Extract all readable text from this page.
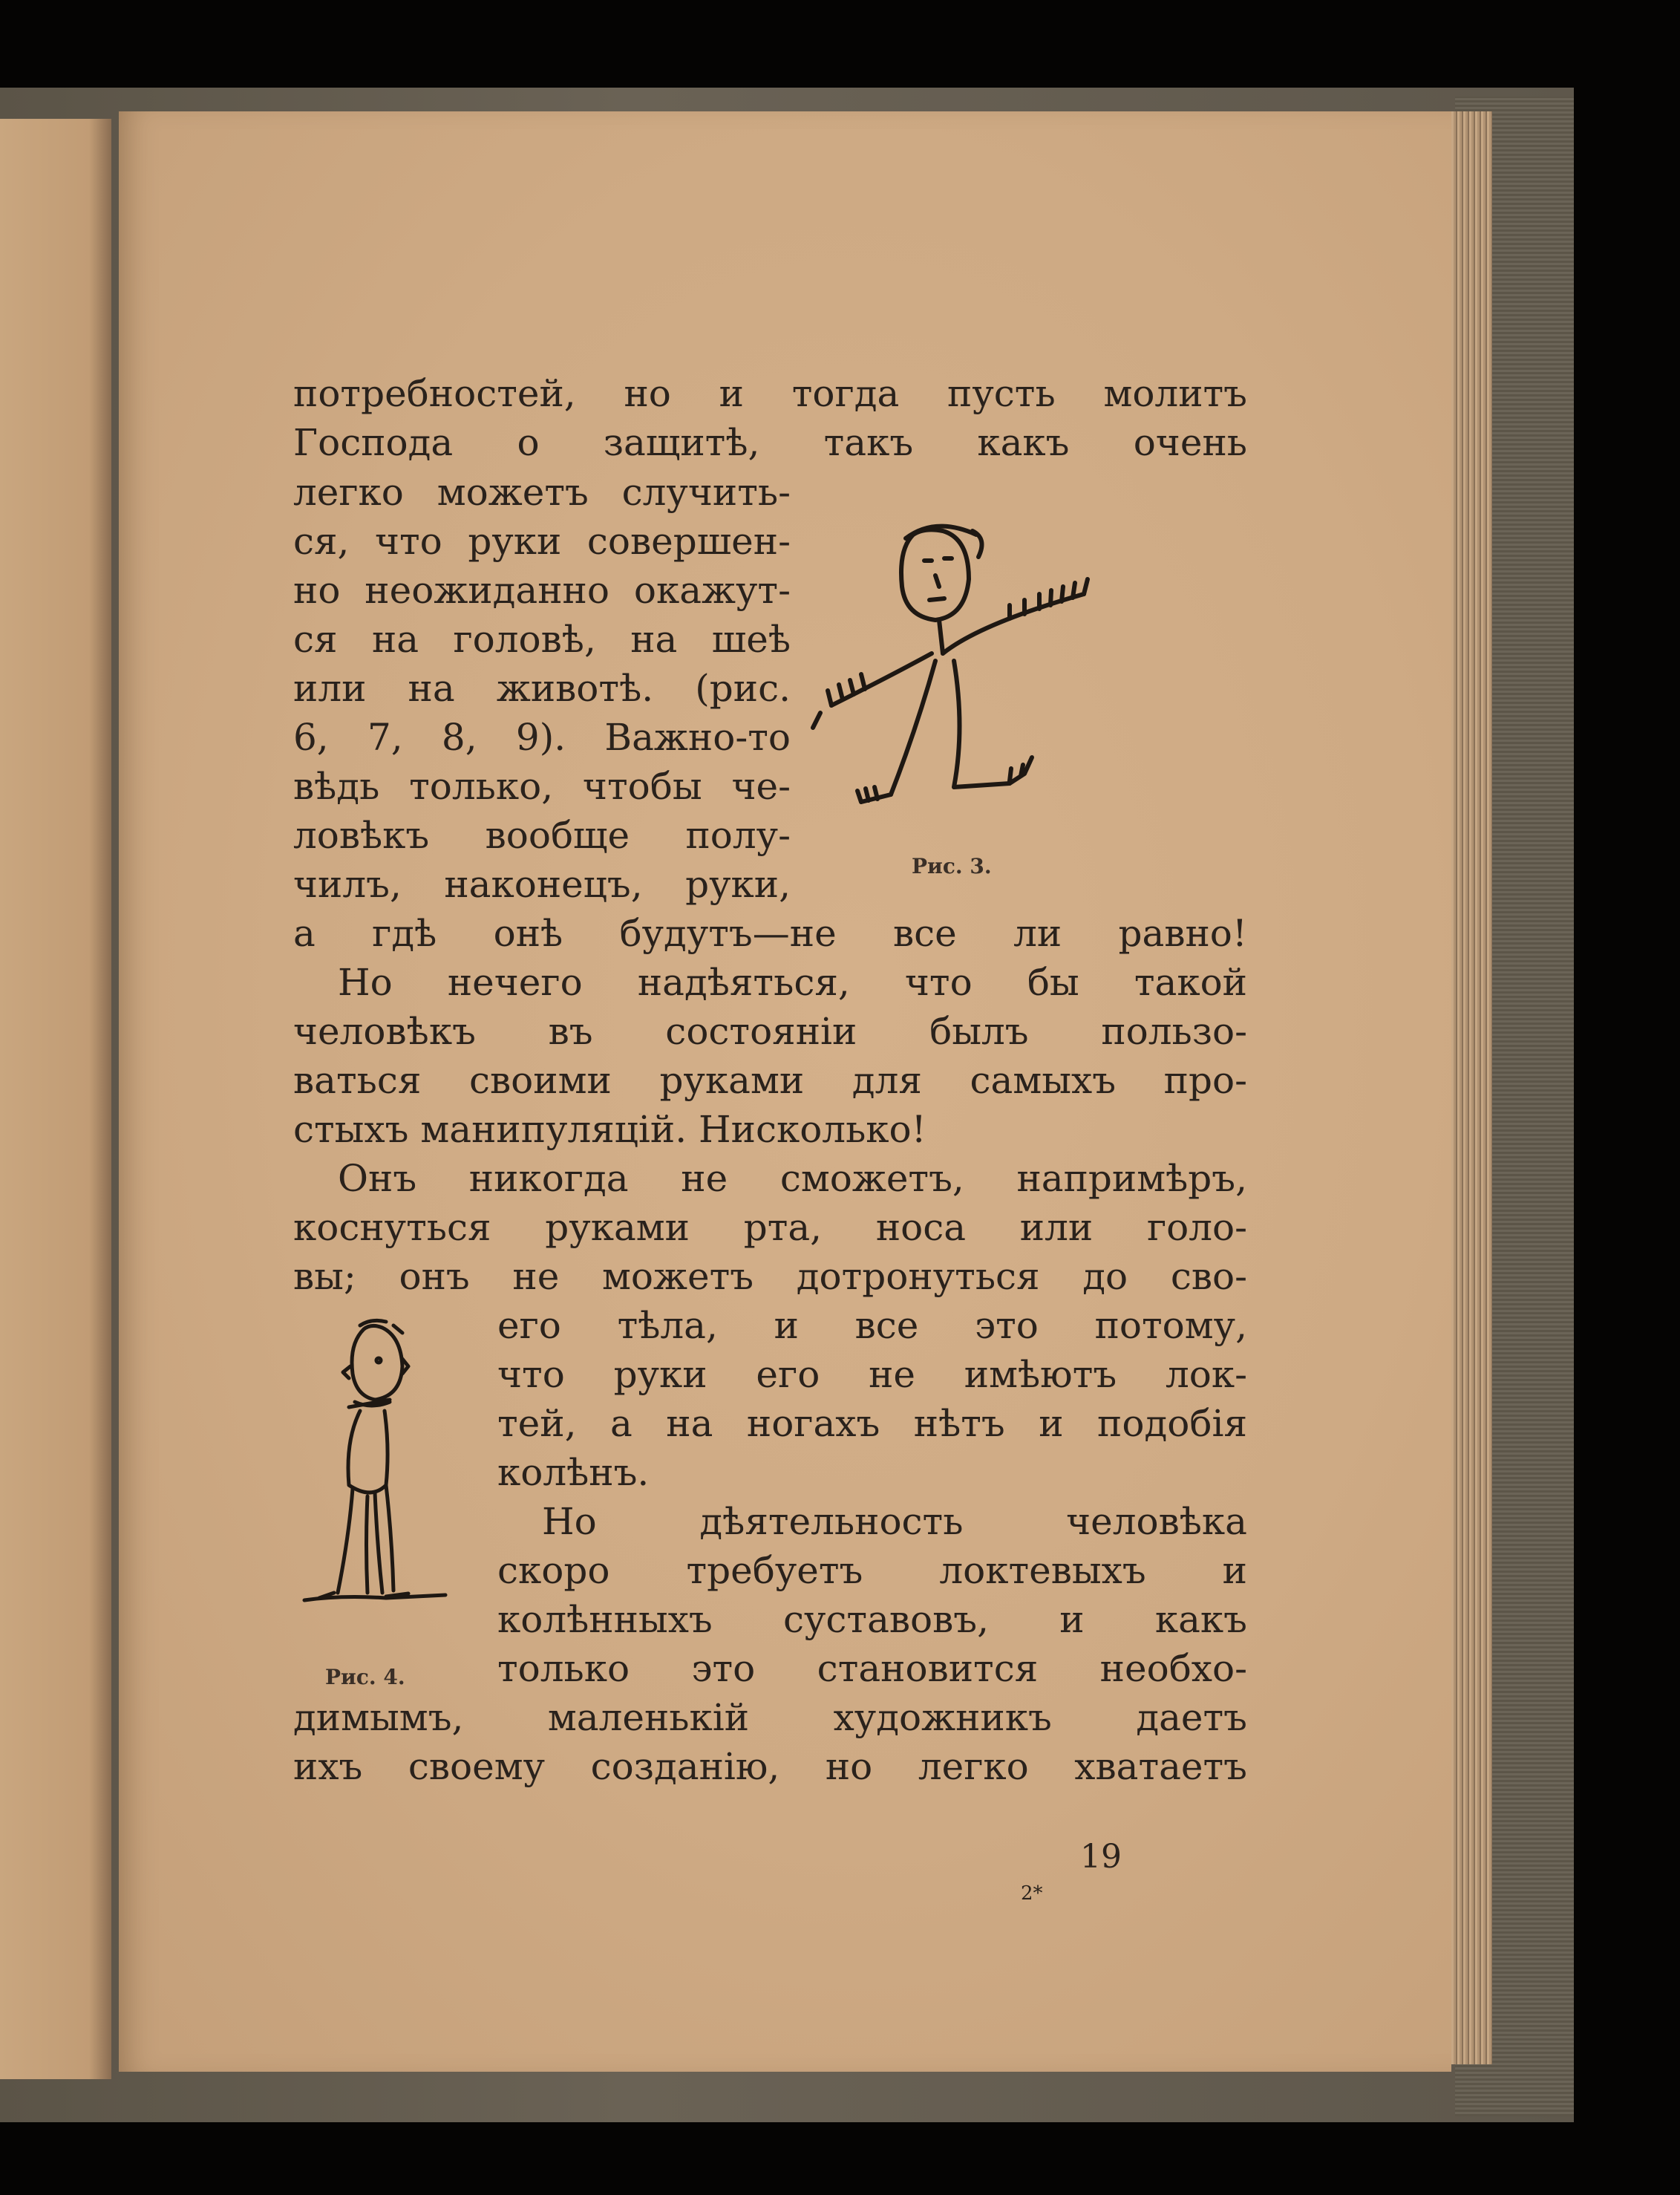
потребностей, но и тогда пусть молитъ
Господа о защитѣ, такъ какъ очень
легко можетъ случить-
ся, что руки совершен-
но неожиданно окажут-
ся на головѣ, на шеѣ
или на животѣ. (рис.
6, 7, 8, 9). Важно-то
вѣдь только, чтобы че-
ловѣкъ вообще полу-
чилъ, наконецъ, руки,	Рис. 3.
а гдѣ онѣ будутъ—не все ли равно!
Но нечего надѣяться, что бы такой
человѣкъ въ состояніи былъ пользо-
ваться своими руками для самыхъ про-
стыхъ манипуляцій. Нисколько!
Онъ никогда не сможетъ, напримѣръ,
коснуться руками рта, носа или голо-
вы; онъ не можетъ дотронуться до сво-
Рис. 4.
его тѣла, и все это потому,
что руки его не имѣютъ лок-
тей, а на ногахъ нѣтъ и подобія
колѣнъ.
Но дѣятельность человѣка
скоро требуетъ локтевыхъ и
колѣнныхъ суставовъ, и какъ
только это становится необхо-
димымъ, маленькій художникъ даетъ
ихъ своему созданію, но легко хватаетъ
19
2*
